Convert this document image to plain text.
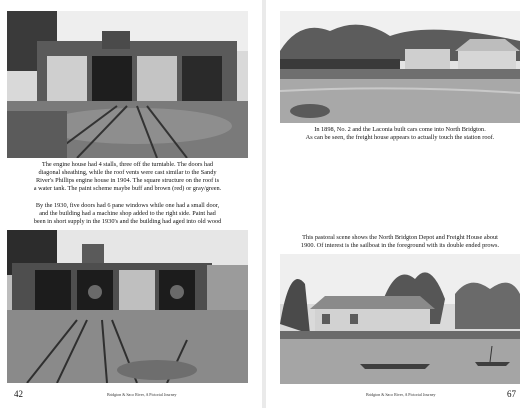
The engine house had 4 stalls, three off the turntable. The doors had
diagonal sheathing, while the roof vents were cast similar to the Sandy
River's Phillips engine house in 1904. The square structure on the roof is
a water tank. The paint scheme maybe buff and brown (red) or gray/green.
By the 1930, five doors had 6 pane windows while one had a small door,
and the building had a machine shop added to the right side. Paint had
been in short supply in the 1930's and the building had aged into old wood
42	Bridgton & Saco River, A Pictorial Journey
In 1898, No. 2 and the Laconia built cars come into North Bridgton.
As can be seen, the freight house appears to actually touch the station roof.
This pastoral scene shows the North Bridgton Depot and Freight House about
1900. Of interest is the sailboat in the foreground with its double ended prows.
Bridgton & Saco River, A Pictorial Journey	67
